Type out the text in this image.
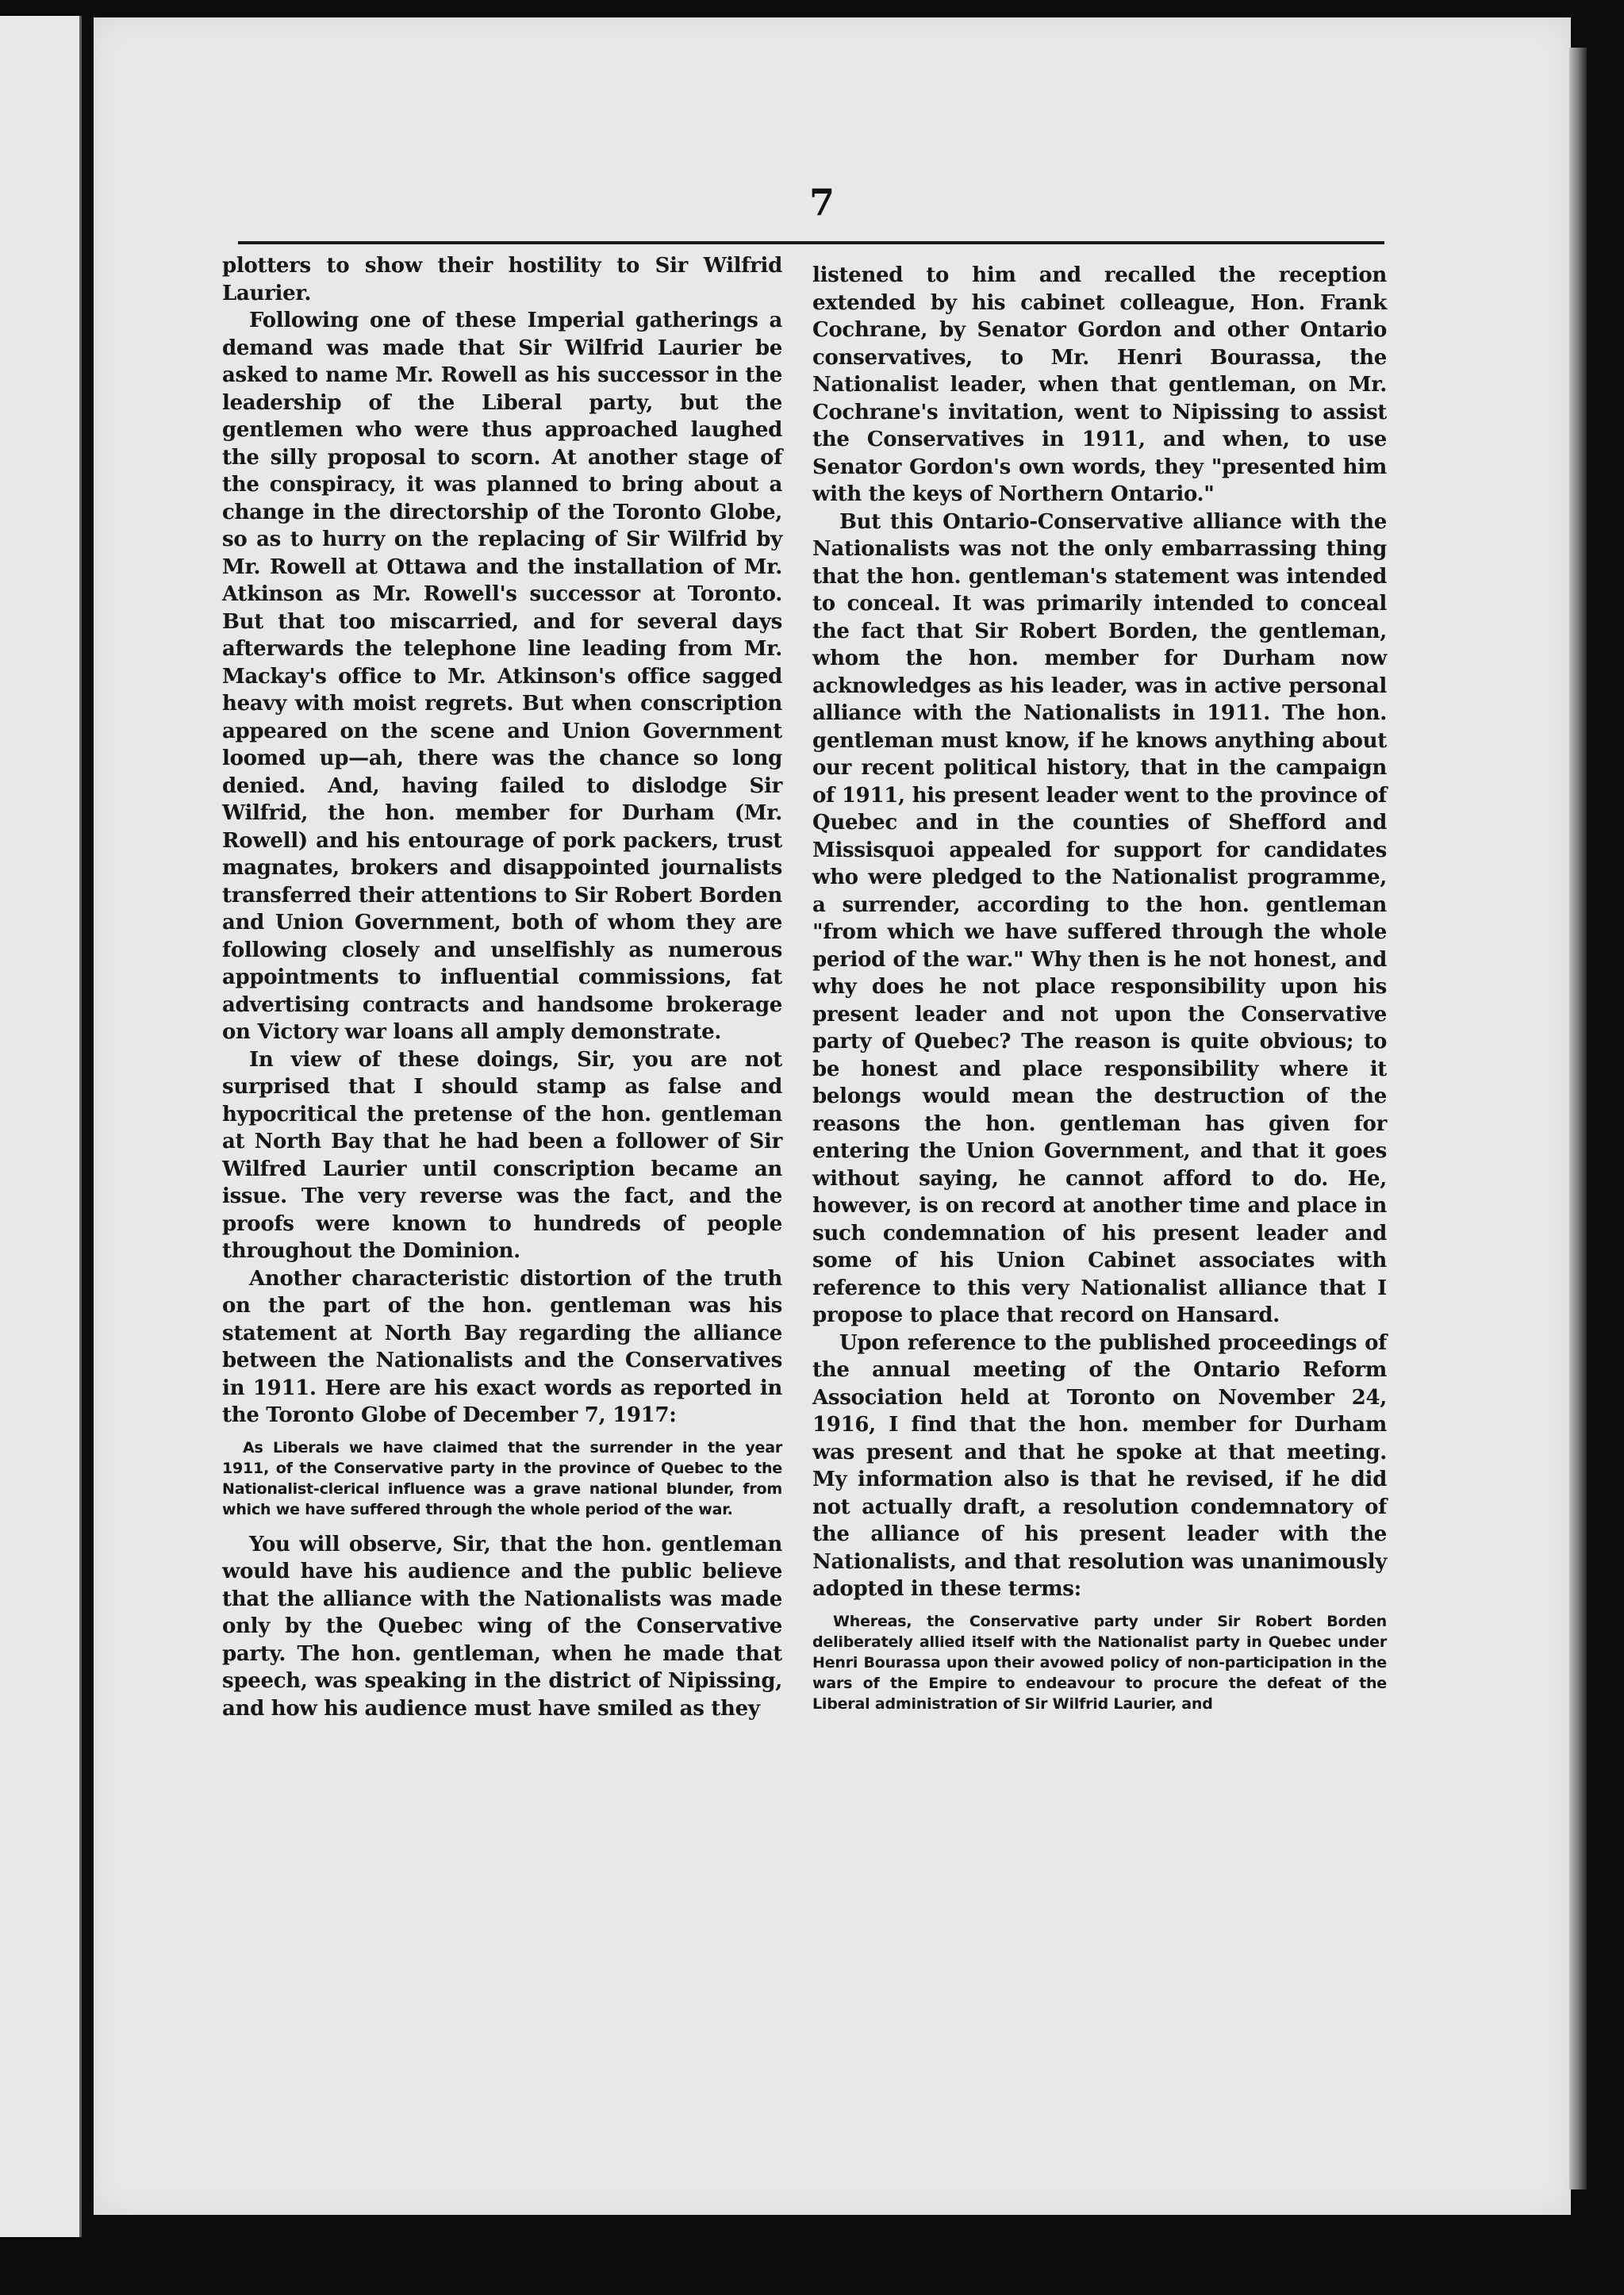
7

plotters to show their hostility to Sir Wilfrid Laurier.

Following one of these Imperial gatherings a demand was made that Sir Wilfrid Laurier be asked to name Mr. Rowell as his successor in the leadership of the Liberal party, but the gentlemen who were thus approached laughed the silly proposal to scorn. At another stage of the conspiracy, it was planned to bring about a change in the directorship of the Toronto Globe, so as to hurry on the replacing of Sir Wilfrid by Mr. Rowell at Ottawa and the installation of Mr. Atkinson as Mr. Rowell's successor at Toronto. But that too miscarried, and for several days afterwards the telephone line leading from Mr. Mackay's office to Mr. Atkinson's office sagged heavy with moist regrets. But when conscription appeared on the scene and Union Government loomed up—ah, there was the chance so long denied. And, having failed to dislodge Sir Wilfrid, the hon. member for Durham (Mr. Rowell) and his entourage of pork packers, trust magnates, brokers and disappointed journalists transferred their attentions to Sir Robert Borden and Union Government, both of whom they are following closely and unselfishly as numerous appointments to influential commissions, fat advertising contracts and handsome brokerage on Victory war loans all amply demonstrate.

In view of these doings, Sir, you are not surprised that I should stamp as false and hypocritical the pretense of the hon. gentleman at North Bay that he had been a follower of Sir Wilfred Laurier until conscription became an issue. The very reverse was the fact, and the proofs were known to hundreds of people throughout the Dominion.

Another characteristic distortion of the truth on the part of the hon. gentleman was his statement at North Bay regarding the alliance between the Nationalists and the Conservatives in 1911. Here are his exact words as reported in the Toronto Globe of December 7, 1917:

As Liberals we have claimed that the surrender in the year 1911, of the Conservative party in the province of Quebec to the Nationalist-clerical influence was a grave national blunder, from which we have suffered through the whole period of the war.

You will observe, Sir, that the hon. gentleman would have his audience and the public believe that the alliance with the Nationalists was made only by the Quebec wing of the Conservative party. The hon. gentleman, when he made that speech, was speaking in the district of Nipissing, and how his audience must have smiled as they

listened to him and recalled the reception extended by his cabinet colleague, Hon. Frank Cochrane, by Senator Gordon and other Ontario conservatives, to Mr. Henri Bourassa, the Nationalist leader, when that gentleman, on Mr. Cochrane's invitation, went to Nipissing to assist the Conservatives in 1911, and when, to use Senator Gordon's own words, they "presented him with the keys of Northern Ontario."

But this Ontario-Conservative alliance with the Nationalists was not the only embarrassing thing that the hon. gentleman's statement was intended to conceal. It was primarily intended to conceal the fact that Sir Robert Borden, the gentleman, whom the hon. member for Durham now acknowledges as his leader, was in active personal alliance with the Nationalists in 1911. The hon. gentleman must know, if he knows anything about our recent political history, that in the campaign of 1911, his present leader went to the province of Quebec and in the counties of Shefford and Missisquoi appealed for support for candidates who were pledged to the Nationalist programme, a surrender, according to the hon. gentleman "from which we have suffered through the whole period of the war." Why then is he not honest, and why does he not place responsibility upon his present leader and not upon the Conservative party of Quebec? The reason is quite obvious; to be honest and place responsibility where it belongs would mean the destruction of the reasons the hon. gentleman has given for entering the Union Government, and that it goes without saying, he cannot afford to do. He, however, is on record at another time and place in such condemnation of his present leader and some of his Union Cabinet associates with reference to this very Nationalist alliance that I propose to place that record on Hansard.

Upon reference to the published proceedings of the annual meeting of the Ontario Reform Association held at Toronto on November 24, 1916, I find that the hon. member for Durham was present and that he spoke at that meeting. My information also is that he revised, if he did not actually draft, a resolution condemnatory of the alliance of his present leader with the Nationalists, and that resolution was unanimously adopted in these terms:

Whereas, the Conservative party under Sir Robert Borden deliberately allied itself with the Nationalist party in Quebec under Henri Bourassa upon their avowed policy of non-participation in the wars of the Empire to endeavour to procure the defeat of the Liberal administration of Sir Wilfrid Laurier, and
